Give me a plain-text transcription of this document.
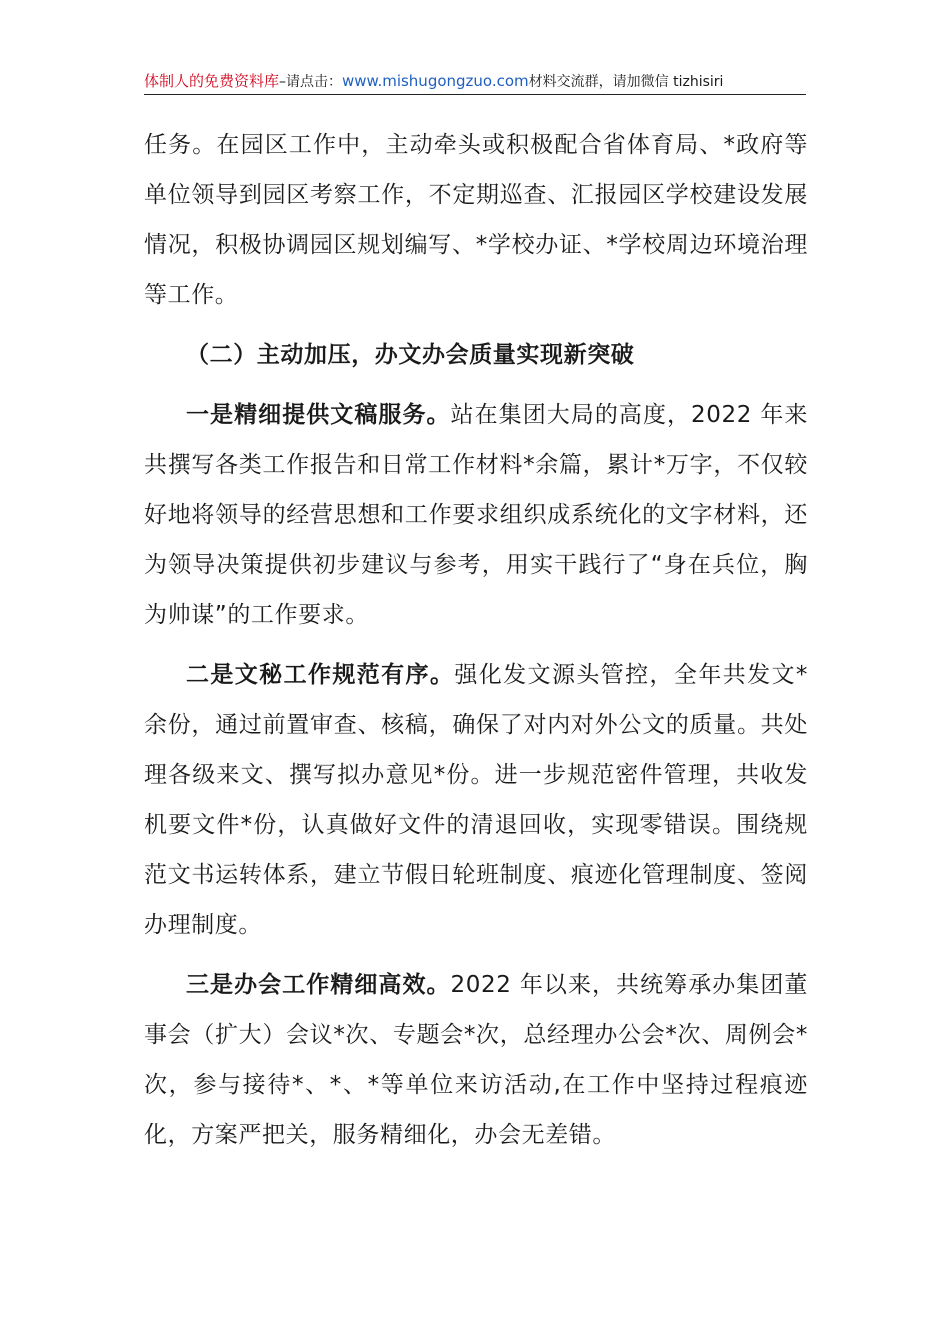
体制人的免费资料库–请点击：www.mishugongzuo.com材料交流群，请加微信 tizhisiri

任务。在园区工作中，主动牵头或积极配合省体育局、*政府等单位领导到园区考察工作，不定期巡查、汇报园区学校建设发展情况，积极协调园区规划编写、*学校办证、*学校周边环境治理等工作。

（二）主动加压，办文办会质量实现新突破

一是精细提供文稿服务。站在集团大局的高度，2022 年来共撰写各类工作报告和日常工作材料*余篇，累计*万字，不仅较好地将领导的经营思想和工作要求组织成系统化的文字材料，还为领导决策提供初步建议与参考，用实干践行了“身在兵位，胸为帅谋”的工作要求。

二是文秘工作规范有序。强化发文源头管控，全年共发文*余份，通过前置审查、核稿，确保了对内对外公文的质量。共处理各级来文、撰写拟办意见*份。进一步规范密件管理，共收发机要文件*份，认真做好文件的清退回收，实现零错误。围绕规范文书运转体系，建立节假日轮班制度、痕迹化管理制度、签阅办理制度。

三是办会工作精细高效。2022 年以来，共统筹承办集团董事会（扩大）会议*次、专题会*次，总经理办公会*次、周例会*次，参与接待*、*、*等单位来访活动,在工作中坚持过程痕迹化，方案严把关，服务精细化，办会无差错。
